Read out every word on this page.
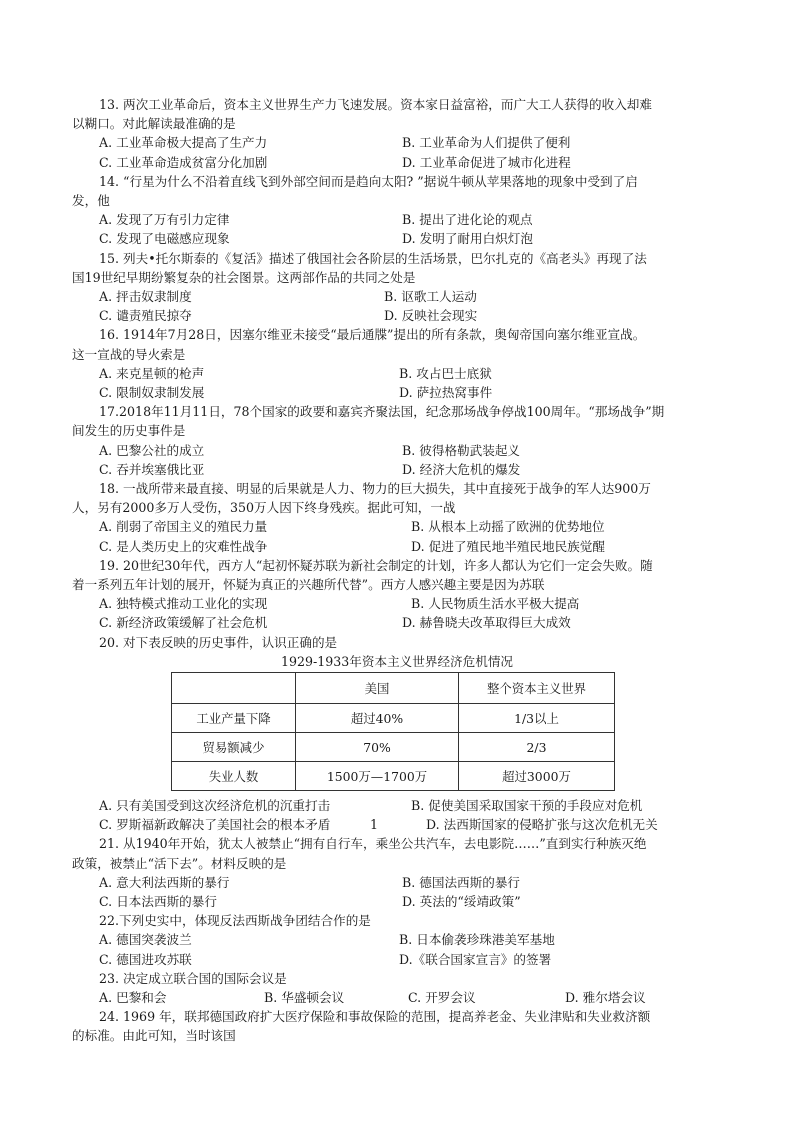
13. 两次工业革命后，资本主义世界生产力飞速发展。资本家日益富裕，而广大工人获得的收入却难
以糊口。对此解读最准确的是
A. 工业革命极大提高了生产力	B. 工业革命为人们提供了便利
C. 工业革命造成贫富分化加剧	D. 工业革命促进了城市化进程
14. “行星为什么不沿着直线飞到外部空间而是趋向太阳? ”据说牛顿从苹果落地的现象中受到了启
发，他
A. 发现了万有引力定律	B. 提出了进化论的观点
C. 发现了电磁感应现象	D. 发明了耐用白炽灯泡
15. 列夫•托尔斯泰的《复活》描述了俄国社会各阶层的生活场景，巴尔扎克的《高老头》再现了法
国19世纪早期纷繁复杂的社会图景。这两部作品的共同之处是
A. 抨击奴隶制度	B. 讴歌工人运动
C. 谴责殖民掠夺	D. 反映社会现实
16. 1914年7月28日，因塞尔维亚未接受“最后通牒”提出的所有条款，奥匈帝国向塞尔维亚宣战。
这一宣战的导火索是
A. 来克星顿的枪声	B. 攻占巴士底狱
C. 限制奴隶制发展	D. 萨拉热窝事件
17.2018年11月11日，78个国家的政要和嘉宾齐聚法国，纪念那场战争停战100周年。“那场战争”期
间发生的历史事件是
A. 巴黎公社的成立	B. 彼得格勒武装起义
C. 吞并埃塞俄比亚	D. 经济大危机的爆发
18. 一战所带来最直接、明显的后果就是人力、物力的巨大损失，其中直接死于战争的军人达900万
人，另有2000多万人受伤，350万人因下终身残疾。据此可知，一战
A. 削弱了帝国主义的殖民力量	B. 从根本上动摇了欧洲的优势地位
C. 是人类历史上的灾难性战争	D. 促进了殖民地半殖民地民族觉醒
19. 20世纪30年代，西方人“起初怀疑苏联为新社会制定的计划，许多人都认为它们一定会失败。随
着一系列五年计划的展开，怀疑为真正的兴趣所代替”。西方人感兴趣主要是因为苏联
A. 独特模式推动工业化的实现	B. 人民物质生活水平极大提高
C. 新经济政策缓解了社会危机	D. 赫鲁晓夫改革取得巨大成效
20. 对下表反映的历史事件，认识正确的是
1929-1933年资本主义世界经济危机情况
	美国	整个资本主义世界
工业产量下降	超过40%	1/3以上
贸易额减少	70%	2/3
失业人数	1500万—1700万	超过3000万
A. 只有美国受到这次经济危机的沉重打击	B. 促使美国采取国家干预的手段应对危机
C. 罗斯福新政解决了美国社会的根本矛盾	1	D. 法西斯国家的侵略扩张与这次危机无关
21. 从1940年开始，犹太人被禁止“拥有自行车，乘坐公共汽车，去电影院……”直到实行种族灭绝
政策，被禁止“活下去”。材料反映的是
A. 意大利法西斯的暴行	B. 德国法西斯的暴行
C. 日本法西斯的暴行	D. 英法的“绥靖政策”
22.下列史实中，体现反法西斯战争团结合作的是
A. 德国突袭波兰	B. 日本偷袭珍珠港美军基地
C. 德国进攻苏联	D.《联合国家宣言》的签署
23. 决定成立联合国的国际会议是
A. 巴黎和会	B. 华盛顿会议	C. 开罗会议	D. 雅尔塔会议
24. 1969 年，联邦德国政府扩大医疗保险和事故保险的范围，提高养老金、失业津贴和失业救济额
的标准。由此可知，当时该国
